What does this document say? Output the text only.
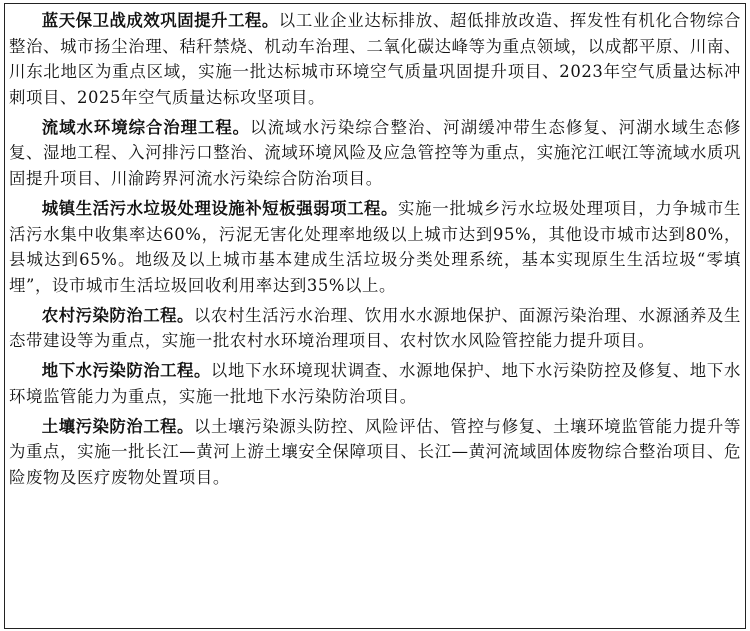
蓝天保卫战成效巩固提升工程。以工业企业达标排放、超低排放改造、挥发性有机化合物综合整治、城市扬尘治理、秸秆禁烧、机动车治理、二氧化碳达峰等为重点领域，以成都平原、川南、川东北地区为重点区域，实施一批达标城市环境空气质量巩固提升项目、2023年空气质量达标冲刺项目、2025年空气质量达标攻坚项目。

流域水环境综合治理工程。以流域水污染综合整治、河湖缓冲带生态修复、河湖水域生态修复、湿地工程、入河排污口整治、流域环境风险及应急管控等为重点，实施沱江岷江等流域水质巩固提升项目、川渝跨界河流水污染综合防治项目。

城镇生活污水垃圾处理设施补短板强弱项工程。实施一批城乡污水垃圾处理项目，力争城市生活污水集中收集率达60%，污泥无害化处理率地级以上城市达到95%，其他设市城市达到80%，县城达到65%。地级及以上城市基本建成生活垃圾分类处理系统，基本实现原生生活垃圾“零填埋”，设市城市生活垃圾回收利用率达到35%以上。

农村污染防治工程。以农村生活污水治理、饮用水水源地保护、面源污染治理、水源涵养及生态带建设等为重点，实施一批农村水环境治理项目、农村饮水风险管控能力提升项目。

地下水污染防治工程。以地下水环境现状调查、水源地保护、地下水污染防控及修复、地下水环境监管能力为重点，实施一批地下水污染防治项目。

土壤污染防治工程。以土壤污染源头防控、风险评估、管控与修复、土壤环境监管能力提升等为重点，实施一批长江—黄河上游土壤安全保障项目、长江—黄河流域固体废物综合整治项目、危险废物及医疗废物处置项目。
